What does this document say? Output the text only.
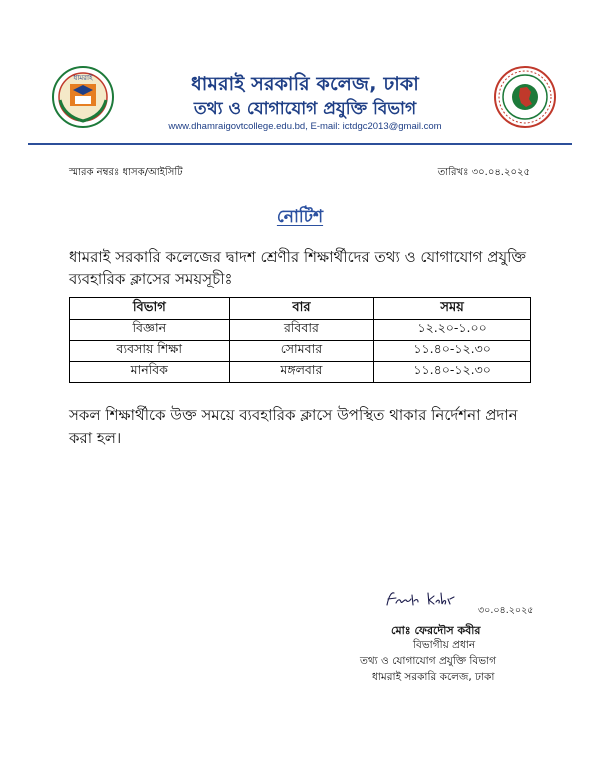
ধামরাই	ধামরাই সরকারি কলেজ, ঢাকা
তথ্য ও যোগাযোগ প্রযুক্তি বিভাগ
www.dhamraigovtcollege.edu.bd, E-mail: ictdgc2013@gmail.com
স্মারক নম্বরঃ ধাসক/আইসিটি	তারিখঃ ৩০.০৪.২০২৫
নোটিশ
ধামরাই সরকারি কলেজের দ্বাদশ শ্রেণীর শিক্ষার্থীদের তথ্য ও যোগাযোগ প্রযুক্তি ব্যবহারিক ক্লাসের সময়সূচীঃ
বিভাগ	বার	সময়
বিজ্ঞান	রবিবার	১২.২০-১.০০
ব্যবসায় শিক্ষা	সোমবার	১১.৪০-১২.৩০
মানবিক	মঙ্গলবার	১১.৪০-১২.৩০
সকল শিক্ষার্থীকে উক্ত সময়ে ব্যবহারিক ক্লাসে উপস্থিত থাকার নির্দেশনা প্রদান করা হল।
৩০.০৪.২০২৫
মোঃ ফেরদৌস কবীর
বিভাগীয় প্রধান
তথ্য ও যোগাযোগ প্রযুক্তি বিভাগ
ধামরাই সরকারি কলেজ, ঢাকা
